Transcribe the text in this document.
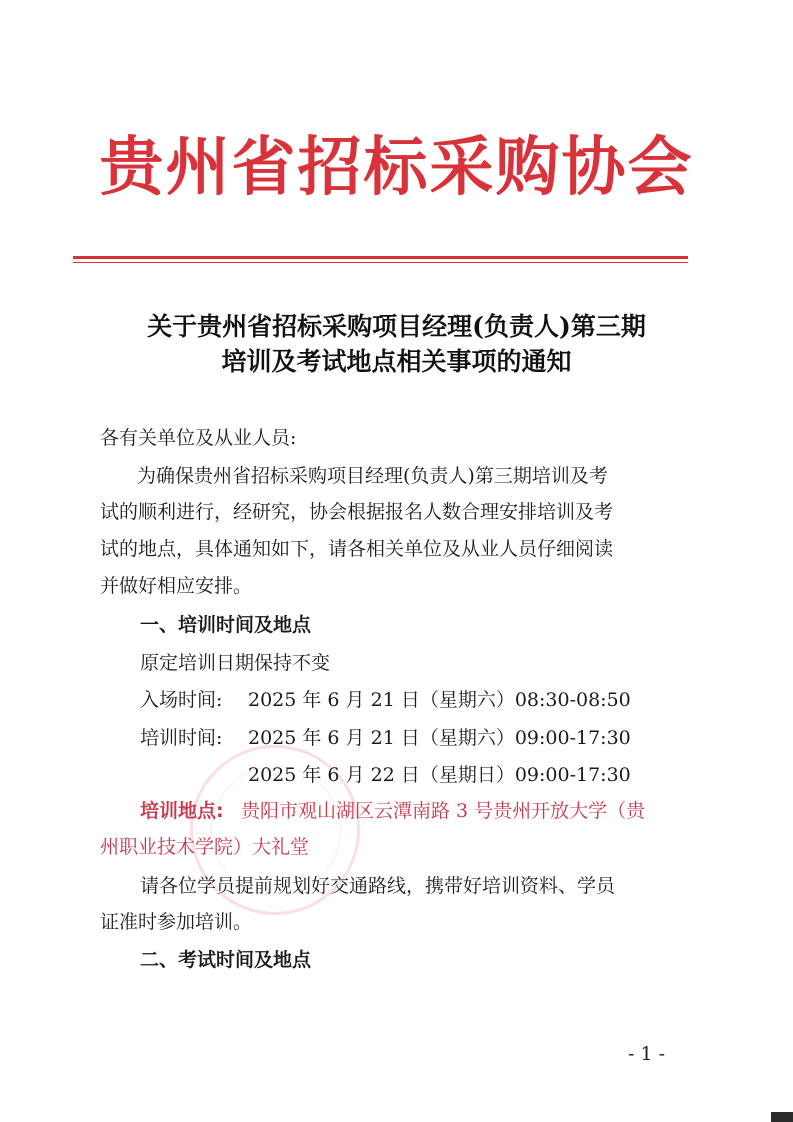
贵州省招标采购协会
关于贵州省招标采购项目经理(负责人)第三期
培训及考试地点相关事项的通知
各有关单位及从业人员:
为确保贵州省招标采购项目经理(负责人)第三期培训及考
试的顺利进行，经研究，协会根据报名人数合理安排培训及考
试的地点，具体通知如下，请各相关单位及从业人员仔细阅读
并做好相应安排。
一、培训时间及地点
原定培训日期保持不变
入场时间: 2025 年 6 月 21 日（星期六）08:30-08:50
培训时间: 2025 年 6 月 21 日（星期六）09:00-17:30
2025 年 6 月 22 日（星期日）09:00-17:30
培训地点: 贵阳市观山湖区云潭南路 3 号贵州开放大学（贵
州职业技术学院）大礼堂
请各位学员提前规划好交通路线，携带好培训资料、学员
证准时参加培训。
二、考试时间及地点
- 1 -
